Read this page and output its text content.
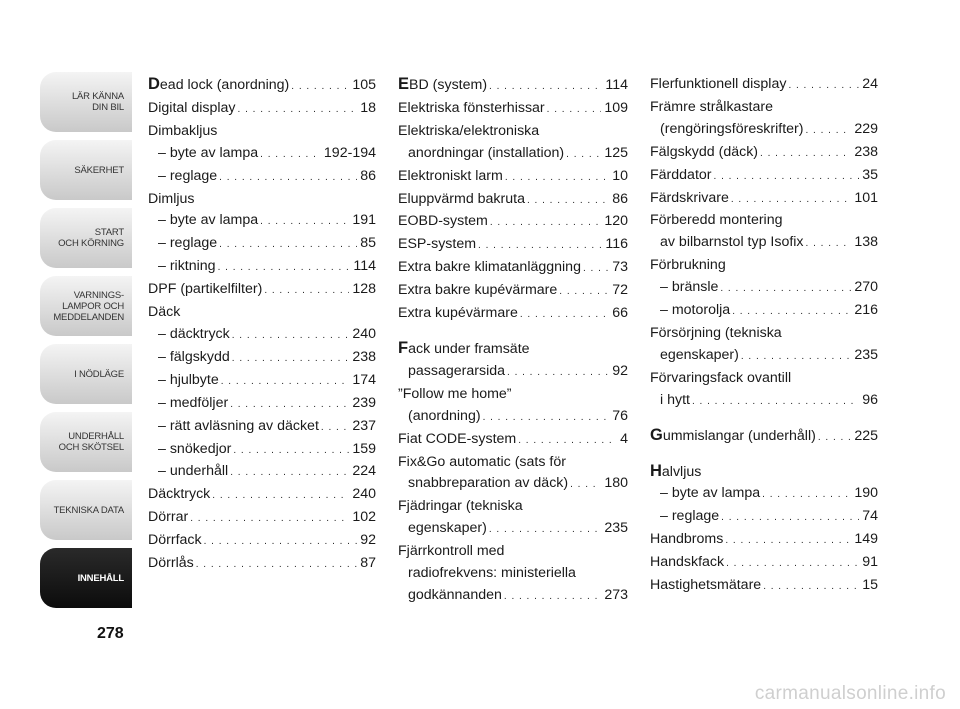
LÄR KÄNNA
DIN BIL
SÄKERHET
START
OCH KÖRNING
VARNINGS-
LAMPOR OCH
MEDDELANDEN
I NÖDLÄGE
UNDERHÅLL
OCH SKÖTSEL
TEKNISKA DATA
INNEHÅLL
278
Dead lock (anordning) . . .	105
Digital display . . .	18
Dimbakljus
– byte av lampa . . .	192-194
– reglage . . .	86
Dimljus
– byte av lampa . . .	191
– reglage . . .	85
– riktning . . .	114
DPF (partikelfilter) . . .	128
Däck
– däcktryck . . .	240
– fälgskydd . . .	238
– hjulbyte . . .	174
– medföljer . . .	239
– rätt avläsning av däcket . . . 237
– snökedjor . . .	159
– underhåll . . .	224
Däcktryck . . .	240
Dörrar . . .	102
Dörrfack . . .	92
Dörrlås . . .	87
EBD (system) . . .	114
Elektriska fönsterhissar . . .	109
Elektriska/elektroniska
anordningar (installation) . . .	125
Elektroniskt larm . . .	10
Eluppvärmd bakruta . . .	86
EOBD-system . . .	120
ESP-system . . .	116
Extra bakre klimatanläggning . . . 73
Extra bakre kupévärmare . . .	72
Extra kupévärmare . . .	66
Fack under framsäte
passagerarsida . . .	92
”Follow me home”
(anordning) . . .	76
Fiat CODE-system . . .	4
Fix&Go automatic (sats för
snabbreparation av däck) . . .	180
Fjädringar (tekniska
egenskaper) . . .	235
Fjärrkontroll med
radiofrekvens: ministeriella
godkännanden . . .	273
Flerfunktionell display . . .	24
Främre strålkastare
(rengöringsföreskrifter) . . .	229
Fälgskydd (däck) . . .	238
Färddator . . .	35
Färdskrivare . . .	101
Förberedd montering
av bilbarnstol typ Isofix . . .	138
Förbrukning
– bränsle . . .	270
– motorolja . . .	216
Försörjning (tekniska
egenskaper) . . .	235
Förvaringsfack ovantill
i hytt . . .	96
Gummislangar (underhåll) . . .	225
Halvljus
– byte av lampa . . .	190
– reglage . . .	74
Handbroms . . .	149
Handskfack . . .	91
Hastighetsmätare . . .	15
carmanualsonline.info
